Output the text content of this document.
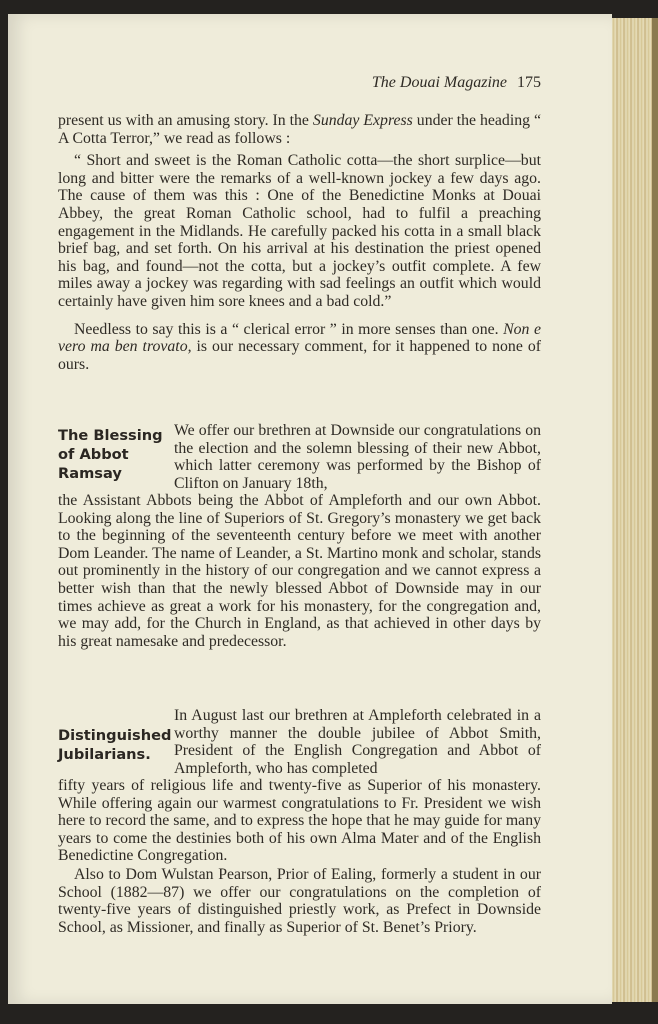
The Douai Magazine 175

present us with an amusing story. In the Sunday Express under the heading “ A Cotta Terror,” we read as follows :

“ Short and sweet is the Roman Catholic cotta—the short surplice—but long and bitter were the remarks of a well-known jockey a few days ago. The cause of them was this : One of the Benedictine Monks at Douai Abbey, the great Roman Catholic school, had to fulfil a preaching engagement in the Midlands. He carefully packed his cotta in a small black brief bag, and set forth. On his arrival at his destination the priest opened his bag, and found—not the cotta, but a jockey’s outfit complete. A few miles away a jockey was regarding with sad feelings an outfit which would certainly have given him sore knees and a bad cold.”

Needless to say this is a “ clerical error ” in more senses than one. Non e vero ma ben trovato, is our necessary comment, for it happened to none of ours.

The Blessing
of Abbot
Ramsay
We offer our brethren at Downside our congratulations on the election and the solemn blessing of their new Abbot, which latter ceremony was performed by the Bishop of Clifton on January 18th,
the Assistant Abbots being the Abbot of Ampleforth and our own Abbot. Looking along the line of Superiors of St. Gregory’s monastery we get back to the beginning of the seventeenth century before we meet with another Dom Leander. The name of Leander, a St. Martino monk and scholar, stands out prominently in the history of our congregation and we cannot express a better wish than that the newly blessed Abbot of Downside may in our times achieve as great a work for his monastery, for the congregation and, we may add, for the Church in England, as that achieved in other days by his great namesake and predecessor.
Distinguished
Jubilarians.
In August last our brethren at Ampleforth celebrated in a worthy manner the double jubilee of Abbot Smith, President of the English Congregation and Abbot of Ampleforth, who has completed
fifty years of religious life and twenty-five as Superior of his monastery. While offering again our warmest congratulations to Fr. President we wish here to record the same, and to express the hope that he may guide for many years to come the destinies both of his own Alma Mater and of the English Benedictine Congregation.
Also to Dom Wulstan Pearson, Prior of Ealing, formerly a student in our School (1882—87) we offer our congratulations on the completion of twenty-five years of distinguished priestly work, as Prefect in Downside School, as Missioner, and finally as Superior of St. Benet’s Priory.
